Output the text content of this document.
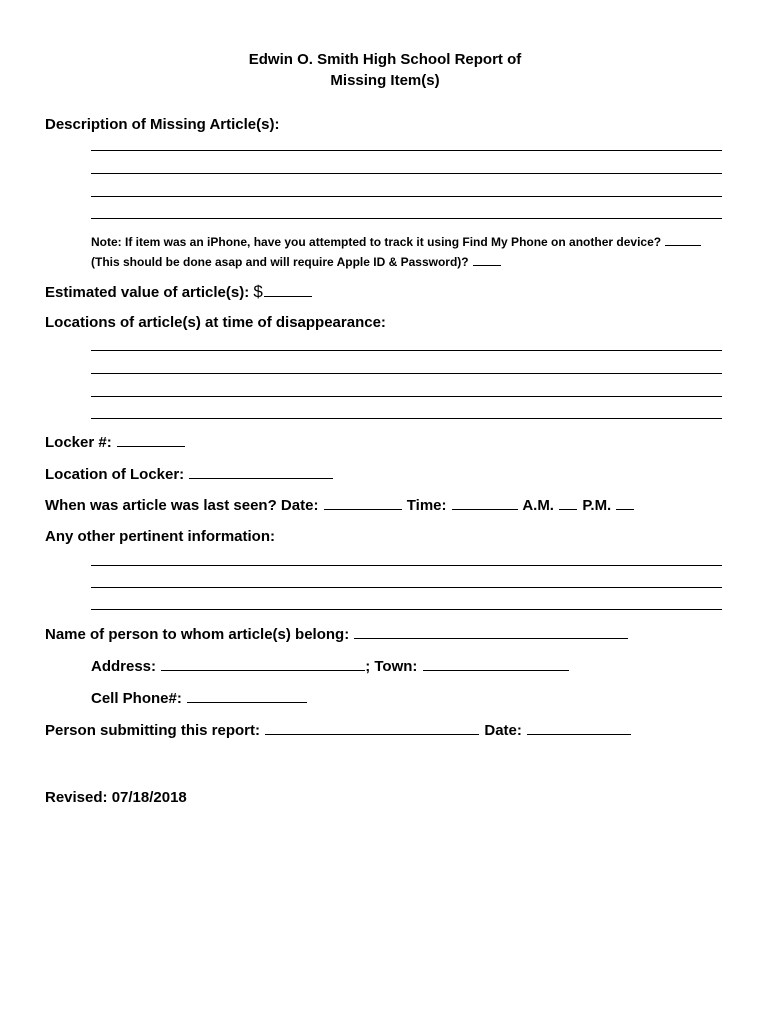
Edwin O. Smith High School Report of
Missing Item(s)
Description of Missing Article(s):
Note: If item was an iPhone, have you attempted to track it using Find My Phone on another device?  (This should be done asap and will require Apple ID & Password)?
Estimated value of article(s): $
Locations of article(s) at time of disappearance:
Locker #:
Location of Locker:
When was article was last seen? Date:	Time:	A.M. P.M.
Any other pertinent information:
Name of person to whom article(s) belong:
Address:	; Town:
Cell Phone#:
Person submitting this report:	Date:
Revised: 07/18/2018
